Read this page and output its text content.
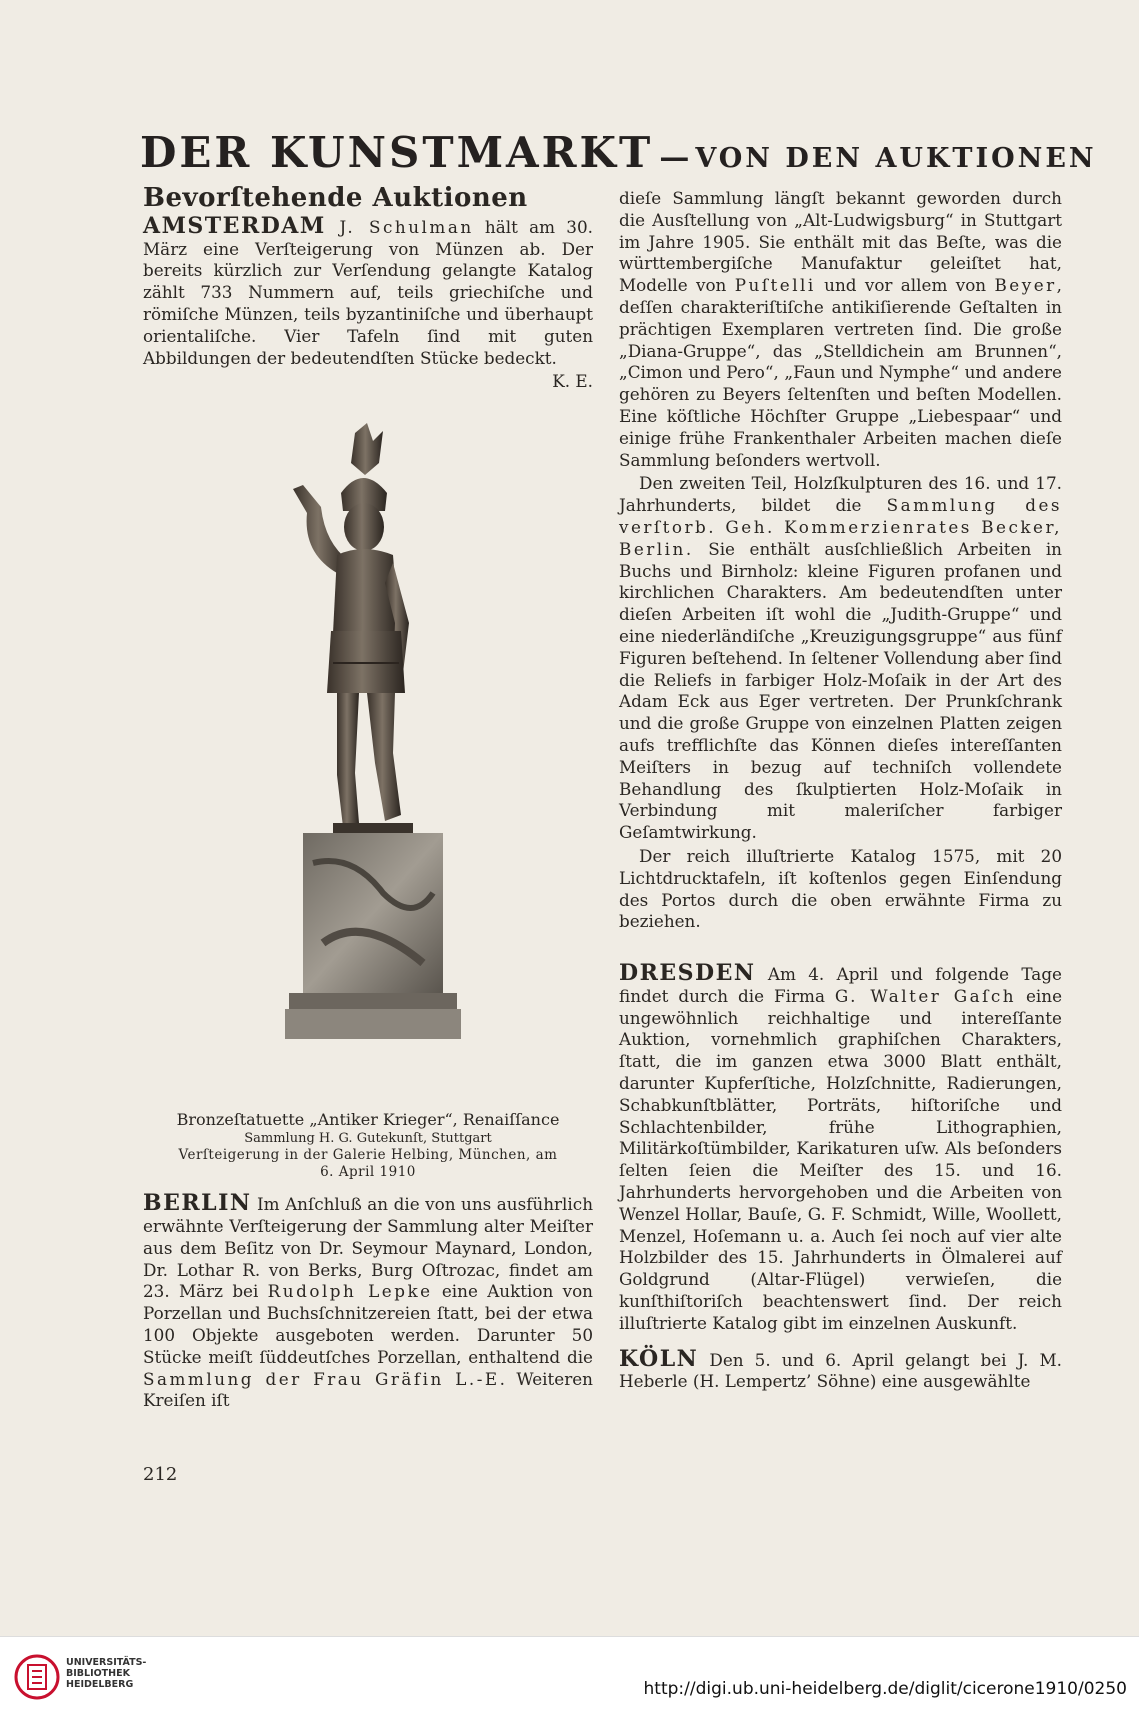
DER KUNSTMARKT — VON DEN AUKTIONEN
Bevorſtehende Auktionen

AMSTERDAM J. Schulman hält am 30. März eine Verſteigerung von Münzen ab. Der bereits kürzlich zur Verſendung gelangte Katalog zählt 733 Nummern auf, teils griechiſche und römiſche Münzen, teils byzantiniſche und überhaupt orientaliſche. Vier Tafeln ſind mit guten Abbildungen der bedeutendſten Stücke bedeckt.

K. E.
Bronzeſtatuette „Antiker Krieger“, Renaiſſance
Sammlung H. G. Gutekunſt, Stuttgart
Verſteigerung in der Galerie Helbing, München, am
6. April 1910

BERLIN Im Anſchluß an die von uns ausführlich erwähnte Verſteigerung der Sammlung alter Meiſter aus dem Beſitz von Dr. Seymour Maynard, London, Dr. Lothar R. von Berks, Burg Oſtrozac, findet am 23. März bei Rudolph Lepke eine Auktion von Porzellan und Buchsſchnitzereien ſtatt, bei der etwa 100 Objekte ausgeboten werden. Darunter 50 Stücke meiſt ſüddeutſches Porzellan, enthaltend die Sammlung der Frau Gräfin L.-E. Weiteren Kreiſen iſt

dieſe Sammlung längſt bekannt geworden durch die Ausſtellung von „Alt-Ludwigsburg“ in Stuttgart im Jahre 1905. Sie enthält mit das Beſte, was die württembergiſche Manufaktur geleiſtet hat, Modelle von Puſtelli und vor allem von Beyer, deſſen charakteriſtiſche antikiſierende Geſtalten in prächtigen Exemplaren vertreten ſind. Die große „Diana-Gruppe“, das „Stelldichein am Brunnen“, „Cimon und Pero“, „Faun und Nymphe“ und andere gehören zu Beyers ſeltenſten und beſten Modellen. Eine köſtliche Höchſter Gruppe „Liebespaar“ und einige frühe Frankenthaler Arbeiten machen dieſe Sammlung beſonders wertvoll.

Den zweiten Teil, Holzſkulpturen des 16. und 17. Jahrhunderts, bildet die Sammlung des verſtorb. Geh. Kommerzienrates Becker, Berlin. Sie enthält ausſchließlich Arbeiten in Buchs und Birnholz: kleine Figuren profanen und kirchlichen Charakters. Am bedeutendſten unter dieſen Arbeiten iſt wohl die „Judith-Gruppe“ und eine niederländiſche „Kreuzigungsgruppe“ aus fünf Figuren beſtehend. In ſeltener Vollendung aber ſind die Reliefs in farbiger Holz-Moſaik in der Art des Adam Eck aus Eger vertreten. Der Prunkſchrank und die große Gruppe von einzelnen Platten zeigen aufs trefflichſte das Können dieſes intereſſanten Meiſters in bezug auf techniſch vollendete Behandlung des ſkulptierten Holz-Moſaik in Verbindung mit maleriſcher farbiger Geſamtwirkung.

Der reich illuſtrierte Katalog 1575, mit 20 Lichtdrucktafeln, iſt koſtenlos gegen Einſendung des Portos durch die oben erwähnte Firma zu beziehen.

DRESDEN Am 4. April und folgende Tage findet durch die Firma G. Walter Gaſch eine ungewöhnlich reichhaltige und intereſſante Auktion, vornehmlich graphiſchen Charakters, ſtatt, die im ganzen etwa 3000 Blatt enthält, darunter Kupferſtiche, Holzſchnitte, Radierungen, Schabkunſtblätter, Porträts, hiſtoriſche und Schlachtenbilder, frühe Lithographien, Militärkoſtümbilder, Karikaturen uſw. Als beſonders ſelten ſeien die Meiſter des 15. und 16. Jahrhunderts hervorgehoben und die Arbeiten von Wenzel Hollar, Bauſe, G. F. Schmidt, Wille, Woollett, Menzel, Hoſemann u. a. Auch ſei noch auf vier alte Holzbilder des 15. Jahrhunderts in Ölmalerei auf Goldgrund (Altar-Flügel) verwieſen, die kunſthiſtoriſch beachtenswert ſind. Der reich illuſtrierte Katalog gibt im einzelnen Auskunft.

KÖLN Den 5. und 6. April gelangt bei J. M. Heberle (H. Lempertz’ Söhne) eine ausgewählte

212
UNIVERSITÄTS-
BIBLIOTHEK
HEIDELBERG	http://digi.ub.uni-heidelberg.de/diglit/cicerone1910/0250
